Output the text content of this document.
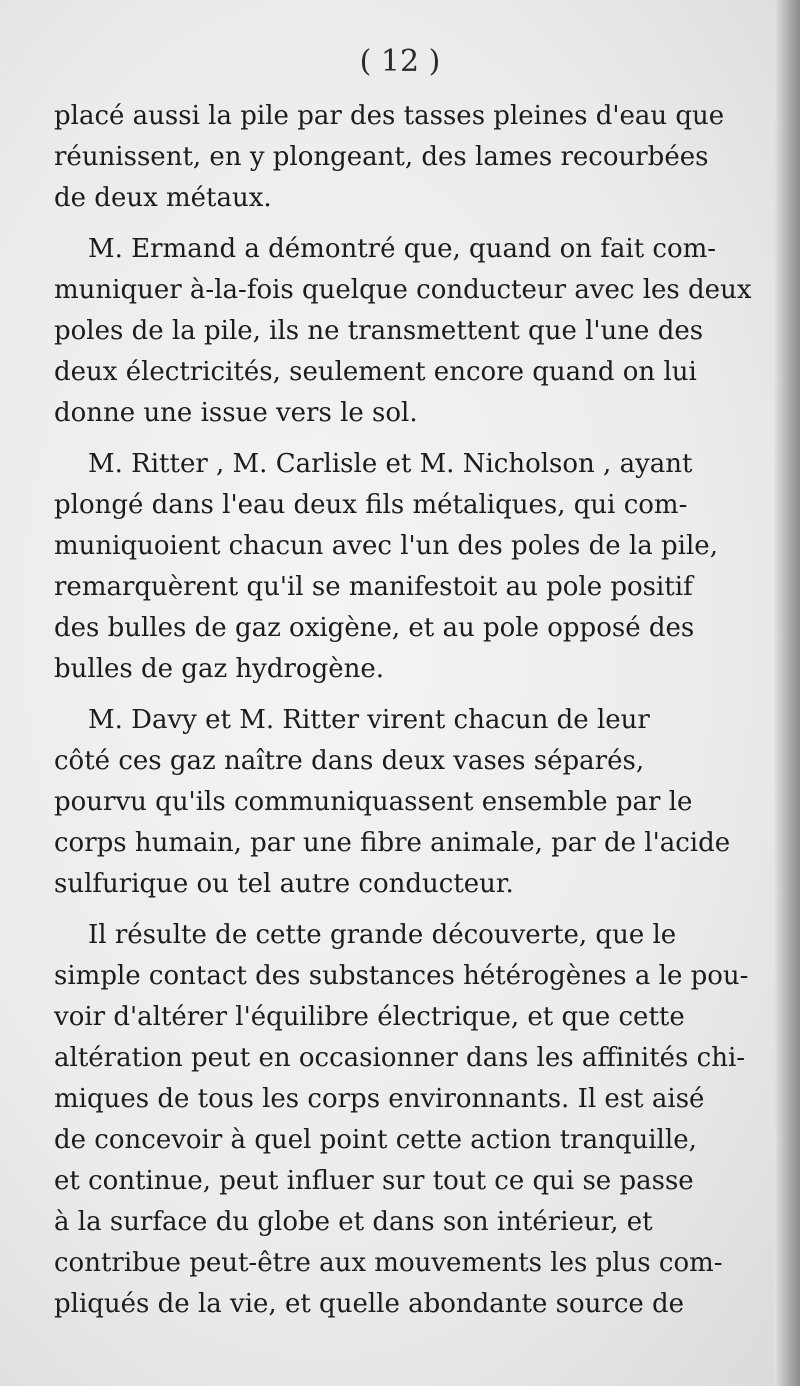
( 12 )

placé aussi la pile par des tasses pleines d'eau que
réunissent, en y plongeant, des lames recourbées
de deux métaux.
M. Ermand a démontré que, quand on fait com-
muniquer à-la-fois quelque conducteur avec les deux
poles de la pile, ils ne transmettent que l'une des
deux électricités, seulement encore quand on lui
donne une issue vers le sol.
M. Ritter , M. Carlisle et M. Nicholson , ayant
plongé dans l'eau deux fils métaliques, qui com-
muniquoient chacun avec l'un des poles de la pile,
remarquèrent qu'il se manifestoit au pole positif
des bulles de gaz oxigène, et au pole opposé des
bulles de gaz hydrogène.
M. Davy et M. Ritter virent chacun de leur
côté ces gaz naître dans deux vases séparés,
pourvu qu'ils communiquassent ensemble par le
corps humain, par une fibre animale, par de l'acide
sulfurique ou tel autre conducteur.
Il résulte de cette grande découverte, que le
simple contact des substances hétérogènes a le pou-
voir d'altérer l'équilibre électrique, et que cette
altération peut en occasionner dans les affinités chi-
miques de tous les corps environnants. Il est aisé
de concevoir à quel point cette action tranquille,
et continue, peut influer sur tout ce qui se passe
à la surface du globe et dans son intérieur, et
contribue peut-être aux mouvements les plus com-
pliqués de la vie, et quelle abondante source de
